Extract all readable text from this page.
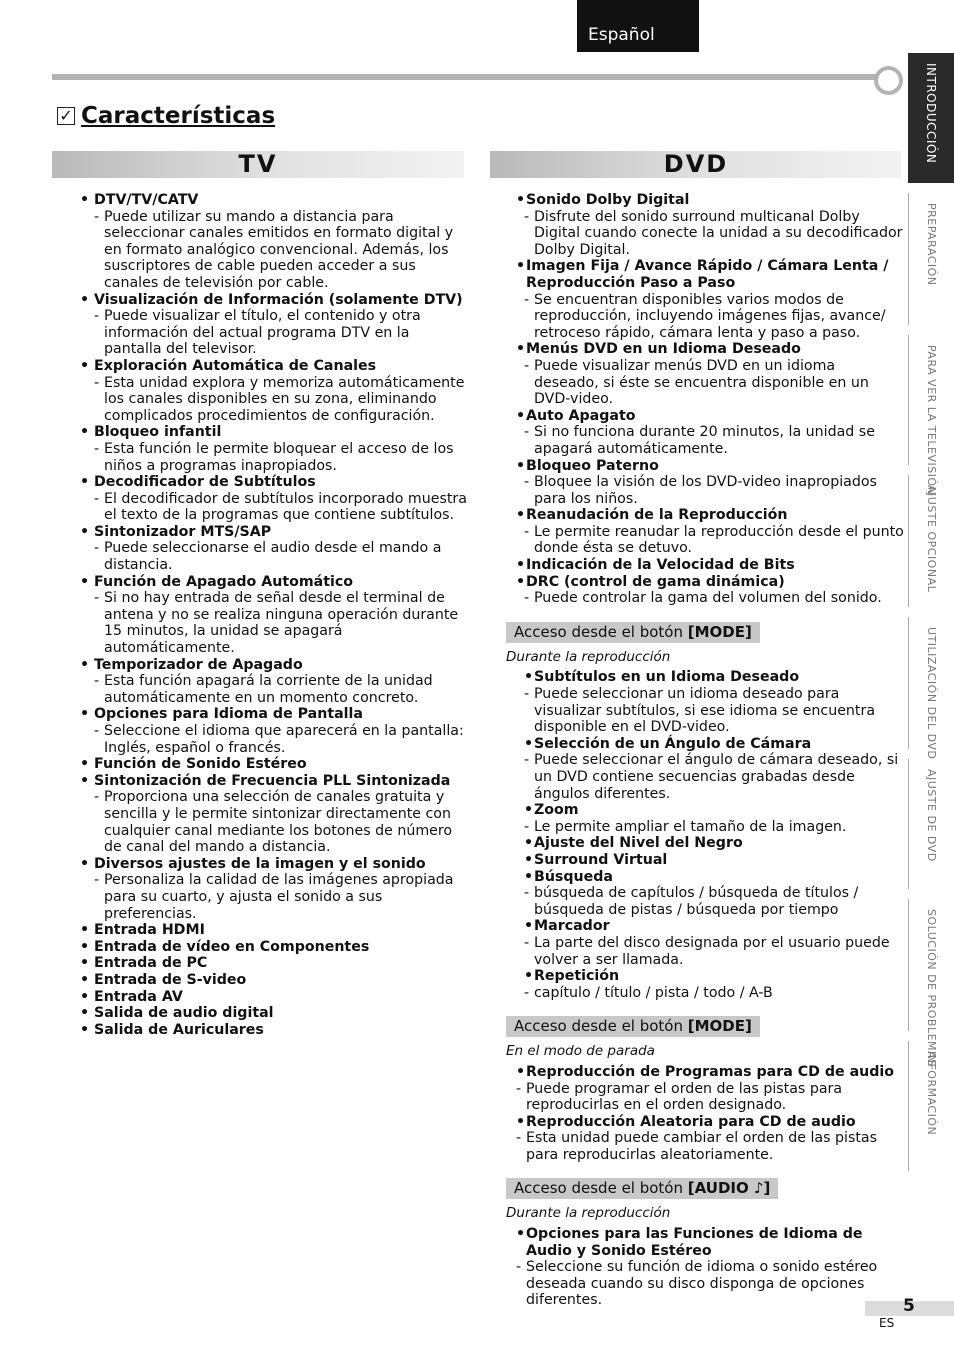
Español
✓ Características
TV	DVD
• DTV/TV/CATV
- Puede utilizar su mando a distancia para seleccionar canales emitidos en formato digital y en formato analógico convencional. Además, los suscriptores de cable pueden acceder a sus canales de televisión por cable.
• Visualización de Información (solamente DTV)
- Puede visualizar el título, el contenido y otra información del actual programa DTV en la pantalla del televisor.
• Exploración Automática de Canales
- Esta unidad explora y memoriza automáticamente los canales disponibles en su zona, eliminando complicados procedimientos de configuración.
• Bloqueo infantil
- Esta función le permite bloquear el acceso de los niños a programas inapropiados.
• Decodificador de Subtítulos
- El decodificador de subtítulos incorporado muestra el texto de la programas que contiene subtítulos.
• Sintonizador MTS/SAP
- Puede seleccionarse el audio desde el mando a distancia.
• Función de Apagado Automático
- Si no hay entrada de señal desde el terminal de antena y no se realiza ninguna operación durante 15 minutos, la unidad se apagará automáticamente.
• Temporizador de Apagado
- Esta función apagará la corriente de la unidad automáticamente en un momento concreto.
• Opciones para Idioma de Pantalla
- Seleccione el idioma que aparecerá en la pantalla: Inglés, español o francés.
• Función de Sonido Estéreo
• Sintonización de Frecuencia PLL Sintonizada
- Proporciona una selección de canales gratuita y sencilla y le permite sintonizar directamente con cualquier canal mediante los botones de número de canal del mando a distancia.
• Diversos ajustes de la imagen y el sonido
- Personaliza la calidad de las imágenes apropiada para su cuarto, y ajusta el sonido a sus preferencias.
• Entrada HDMI
• Entrada de vídeo en Componentes
• Entrada de PC
• Entrada de S-video
• Entrada AV
• Salida de audio digital
• Salida de Auriculares
• Sonido Dolby Digital
- Disfrute del sonido surround multicanal Dolby Digital cuando conecte la unidad a su decodificador Dolby Digital.
• Imagen Fija / Avance Rápido / Cámara Lenta / Reproducción Paso a Paso
- Se encuentran disponibles varios modos de reproducción, incluyendo imágenes fijas, avance/ retroceso rápido, cámara lenta y paso a paso.
• Menús DVD en un Idioma Deseado
- Puede visualizar menús DVD en un idioma deseado, si éste se encuentra disponible en un DVD-video.
• Auto Apagato
- Si no funciona durante 20 minutos, la unidad se apagará automáticamente.
• Bloqueo Paterno
- Bloquee la visión de los DVD-video inapropiados para los niños.
• Reanudación de la Reproducción
- Le permite reanudar la reproducción desde el punto donde ésta se detuvo.
• Indicación de la Velocidad de Bits
• DRC (control de gama dinámica)
- Puede controlar la gama del volumen del sonido.
Acceso desde el botón [MODE]
Durante la reproducción
• Subtítulos en un Idioma Deseado
- Puede seleccionar un idioma deseado para visualizar subtítulos, si ese idioma se encuentra disponible en el DVD-video.
• Selección de un Ángulo de Cámara
- Puede seleccionar el ángulo de cámara deseado, si un DVD contiene secuencias grabadas desde ángulos diferentes.
• Zoom
- Le permite ampliar el tamaño de la imagen.
• Ajuste del Nivel del Negro
• Surround Virtual
• Búsqueda
- búsqueda de capítulos / búsqueda de títulos / búsqueda de pistas / búsqueda por tiempo
• Marcador
- La parte del disco designada por el usuario puede volver a ser llamada.
• Repetición
- capítulo / título / pista / todo / A-B
Acceso desde el botón [MODE]
En el modo de parada
• Reproducción de Programas para CD de audio
- Puede programar el orden de las pistas para reproducirlas en el orden designado.
• Reproducción Aleatoria para CD de audio
- Esta unidad puede cambiar el orden de las pistas para reproducirlas aleatoriamente.
Acceso desde el botón [AUDIO ♪]
Durante la reproducción
• Opciones para las Funciones de Idioma de Audio y Sonido Estéreo
- Seleccione su función de idioma o sonido estéreo deseada cuando su disco disponga de opciones diferentes.
INTRODUCCIÓN
PREPARACIÓN
PARA VER LA TELEVISIÓN
AJUSTE OPCIONAL
UTILIZACIÓN DEL DVD
AJUSTE DE DVD
SOLUCIÓN DE PROBLEMAS
INFORMACIÓN
5
ES
